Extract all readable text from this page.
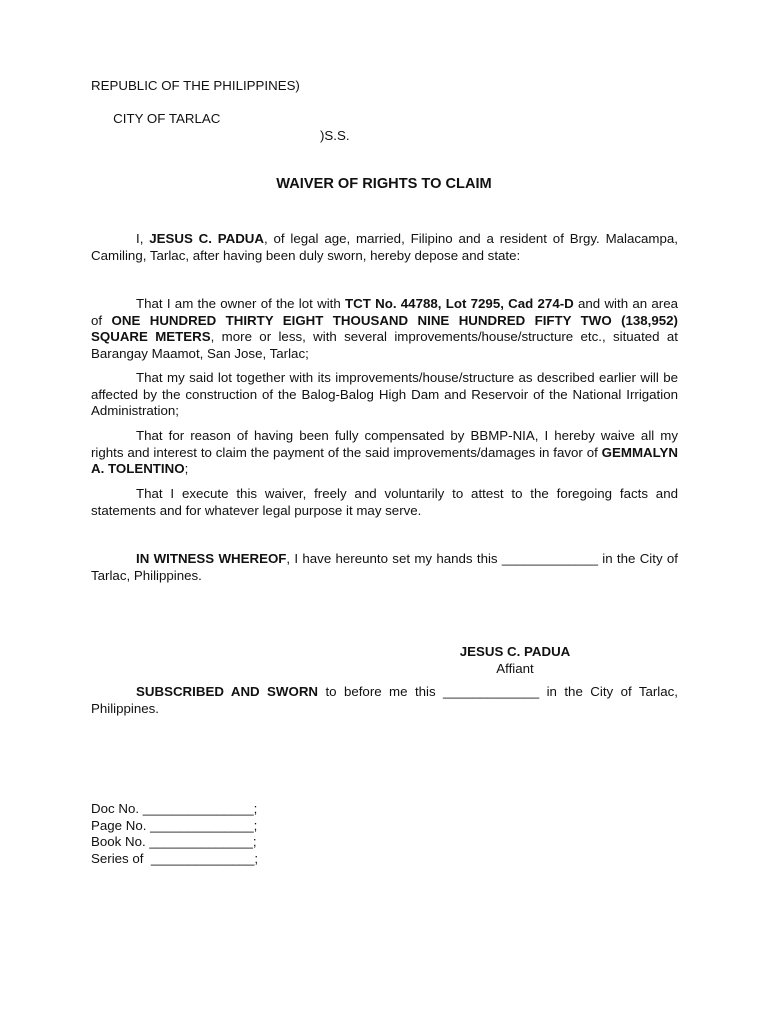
REPUBLIC OF THE PHILIPPINES)

CITY OF TARLAC

)S.S.

WAIVER OF RIGHTS TO CLAIM

I, JESUS C. PADUA, of legal age, married, Filipino and a resident of Brgy. Malacampa, Camiling, Tarlac, after having been duly sworn, hereby depose and state:

That I am the owner of the lot with TCT No. 44788, Lot 7295, Cad 274-D and with an area of ONE HUNDRED THIRTY EIGHT THOUSAND NINE HUNDRED FIFTY TWO (138,952) SQUARE METERS, more or less, with several improvements/house/structure etc., situated at Barangay Maamot, San Jose, Tarlac;

That my said lot together with its improvements/house/structure as described earlier will be affected by the construction of the Balog-Balog High Dam and Reservoir of the National Irrigation Administration;

That for reason of having been fully compensated by BBMP-NIA, I hereby waive all my rights and interest to claim the payment of the said improvements/damages in favor of GEMMALYN A. TOLENTINO;

That I execute this waiver, freely and voluntarily to attest to the foregoing facts and statements and for whatever legal purpose it may serve.

IN WITNESS WHEREOF, I have hereunto set my hands this _____________ in the City of Tarlac, Philippines.

JESUS C. PADUA
Affiant

SUBSCRIBED AND SWORN to before me this _____________ in the City of Tarlac, Philippines.

Doc No. _______________;
Page No. ______________;
Book No. ______________;
Series of  ______________;
